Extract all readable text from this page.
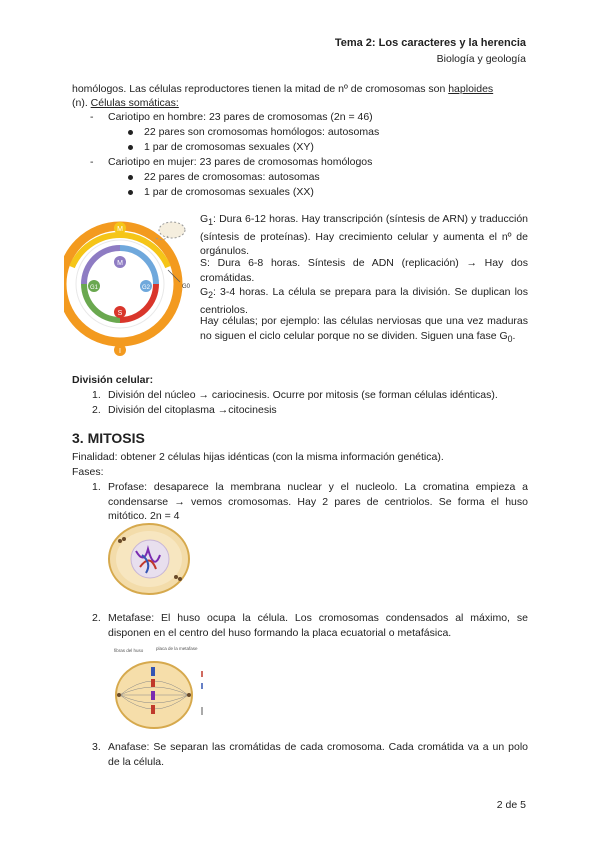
Tema 2: Los caracteres y la herencia
Biología y geología
homólogos. Las células reproductores tienen la mitad de nº de cromosomas son haploides
(n). Células somáticas:
- Cariotipo en hombre: 23 pares de cromosomas (2n = 46)
22 pares son cromosomas homólogos: autosomas
1 par de cromosomas sexuales (XY)
- Cariotipo en mujer: 23 pares de cromosomas homólogos
22 pares de cromosomas: autosomas
1 par de cromosomas sexuales (XX)
M
M
G1	G2
S
I
G0
$G_1$: Dura 6-12 horas. Hay transcripción (síntesis de ARN) y traducción (síntesis de proteínas). Hay crecimiento celular y aumenta el nº de orgánulos.
S: Dura 6-8 horas. Síntesis de ADN (replicación) → Hay dos cromátidas.
$G_2$: 3-4 horas. La célula se prepara para la división. Se duplican los centriolos.
Hay células; por ejemplo: las células nerviosas que una vez maduras no siguen el ciclo celular porque no se dividen. Siguen una fase $G_0$.
División celular:
1. División del núcleo → cariocinesis. Ocurre por mitosis (se forman células idénticas).
2. División del citoplasma →citocinesis
3. MITOSIS
Finalidad: obtener 2 células hijas idénticas (con la misma información genética).
Fases:
1. Profase: desaparece la membrana nuclear y el nucleolo. La cromatina empieza a condensarse → vemos cromosomas. Hay 2 pares de centriolos. Se forma el huso mitótico. 2n = 4
2. Metafase: El huso ocupa la célula. Los cromosomas condensados al máximo, se disponen en el centro del huso formando la placa ecuatorial o metafásica.
fibras del huso	placa de la metafase
3. Anafase: Se separan las cromátidas de cada cromosoma. Cada cromátida va a un polo de la célula.
2 de 5
